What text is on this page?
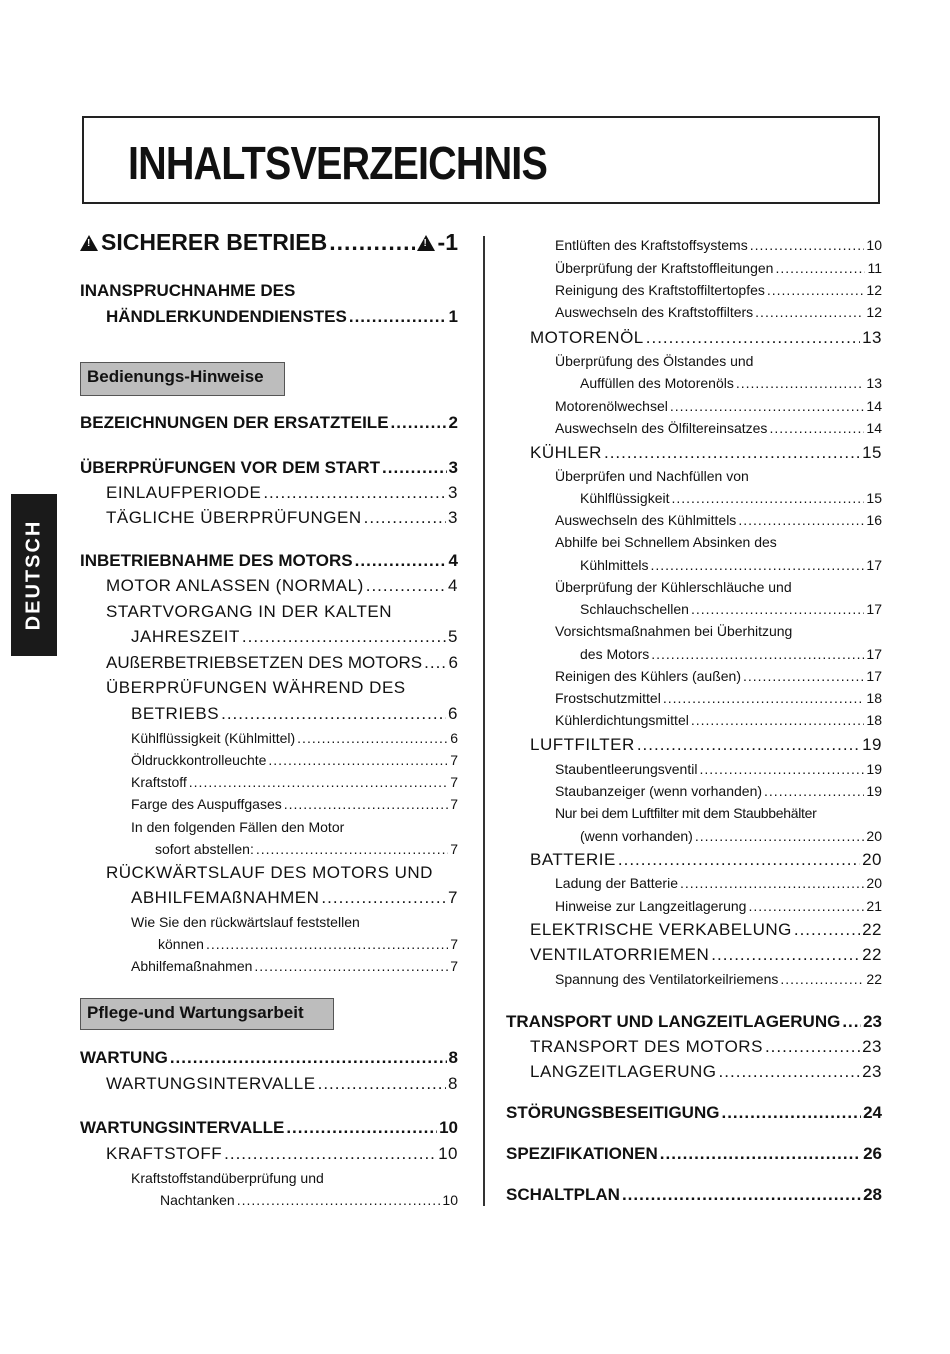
INHALTSVERZEICHNIS
DEUTSCH
!SICHERER BETRIEB ..... !	-1
INANSPRUCHNAHME DES
HÄNDLERKUNDENDIENSTES .....	1
Bedienungs-Hinweise
BEZEICHNUNGEN DER ERSATZTEILE .....	2
ÜBERPRÜFUNGEN VOR DEM START .....	3
EINLAUFPERIODE .....	3
TÄGLICHE ÜBERPRÜFUNGEN .....	3
INBETRIEBNAHME DES MOTORS .....	4
MOTOR ANLASSEN (NORMAL) .....	4
STARTVORGANG IN DER KALTEN
JAHRESZEIT .....	5
AUßERBETRIEBSETZEN DES MOTORS ..... 6
ÜBERPRÜFUNGEN WÄHREND DES
BETRIEBS .....	6
Kühlflüssigkeit (Kühlmittel) .....	6
Öldruckkontrolleuchte .....	7
Kraftstoff .....	7
Farge des Auspuffgases .....	7
In den folgenden Fällen den Motor
sofort abstellen: .....	7
RÜCKWÄRTSLAUF DES MOTORS UND
ABHILFEMAßNAHMEN .....	7
Wie Sie den rückwärtslauf feststellen
können .....	7
Abhilfemaßnahmen .....	7
Pflege-und Wartungsarbeit
WARTUNG .....	8
WARTUNGSINTERVALLE .....	8
WARTUNGSINTERVALLE .....	10
KRAFTSTOFF .....	10
Kraftstoffstandüberprüfung und
Nachtanken .....	10
Entlüften des Kraftstoffsystems .....	10
Überprüfung der Kraftstoffleitungen .....	11
Reinigung des Kraftstoffiltertopfes .....	12
Auswechseln des Kraftstoffilters .....	12
MOTORENÖL .....	13
Überprüfung des Ölstandes und
Auffüllen des Motorenöls .....	13
Motorenölwechsel .....	14
Auswechseln des Ölfiltereinsatzes .....	14
KÜHLER .....	15
Überprüfen und Nachfüllen von
Kühlflüssigkeit .....	15
Auswechseln des Kühlmittels .....	16
Abhilfe bei Schnellem Absinken des
Kühlmittels .....	17
Überprüfung der Kühlerschläuche und
Schlauchschellen .....	17
Vorsichtsmaßnahmen bei Überhitzung
des Motors .....	17
Reinigen des Kühlers (außen) .....	17
Frostschutzmittel .....	18
Kühlerdichtungsmittel .....	18
LUFTFILTER .....	19
Staubentleerungsventil .....	19
Staubanzeiger (wenn vorhanden) .....	19
Nur bei dem Luftfilter mit dem Staubbehälter
(wenn vorhanden) .....	20
BATTERIE .....	20
Ladung der Batterie .....	20
Hinweise zur Langzeitlagerung .....	21
ELEKTRISCHE VERKABELUNG .....	22
VENTILATORRIEMEN .....	22
Spannung des Ventilatorkeilriemens .....	22
TRANSPORT UND LANGZEITLAGERUNG ..... 23
TRANSPORT DES MOTORS .....	23
LANGZEITLAGERUNG .....	23
STÖRUNGSBESEITIGUNG .....	24
SPEZIFIKATIONEN .....	26
SCHALTPLAN .....	28
